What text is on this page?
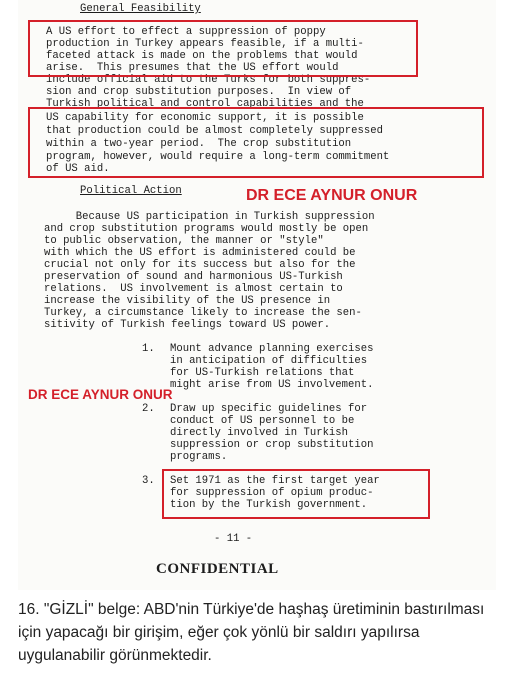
General Feasibility
A US effort to effect a suppression of poppy
production in Turkey appears feasible, if a multi-
faceted attack is made on the problems that would
arise.  This presumes that the US effort would
include official aid to the Turks for both suppres-
sion and crop substitution purposes.  In view of
Turkish political and control capabilities and the
US capability for economic support, it is possible
that production could be almost completely suppressed
within a two-year period.  The crop substitution
program, however, would require a long-term commitment
of US aid.
Political Action	DR ECE AYNUR ONUR
Because US participation in Turkish suppression
and crop substitution programs would mostly be open
to public observation, the manner or "style"
with which the US effort is administered could be
crucial not only for its success but also for the
preservation of sound and harmonious US-Turkish
relations.  US involvement is almost certain to
increase the visibility of the US presence in
Turkey, a circumstance likely to increase the sen-
sitivity of Turkish feelings toward US power.
1. Mount advance planning exercises
in anticipation of difficulties
for US-Turkish relations that
might arise from US involvement.
DR ECE AYNUR ONUR
2. Draw up specific guidelines for
conduct of US personnel to be
directly involved in Turkish
suppression or crop substitution
programs.
3. Set 1971 as the first target year
for suppression of opium produc-
tion by the Turkish government.
- 11 -
CONFIDENTIAL

16. "GİZLİ" belge: ABD'nin Türkiye'de haşhaş üretiminin bastırılması için yapacağı bir girişim, eğer çok yönlü bir saldırı yapılırsa uygulanabilir görünmektedir.
